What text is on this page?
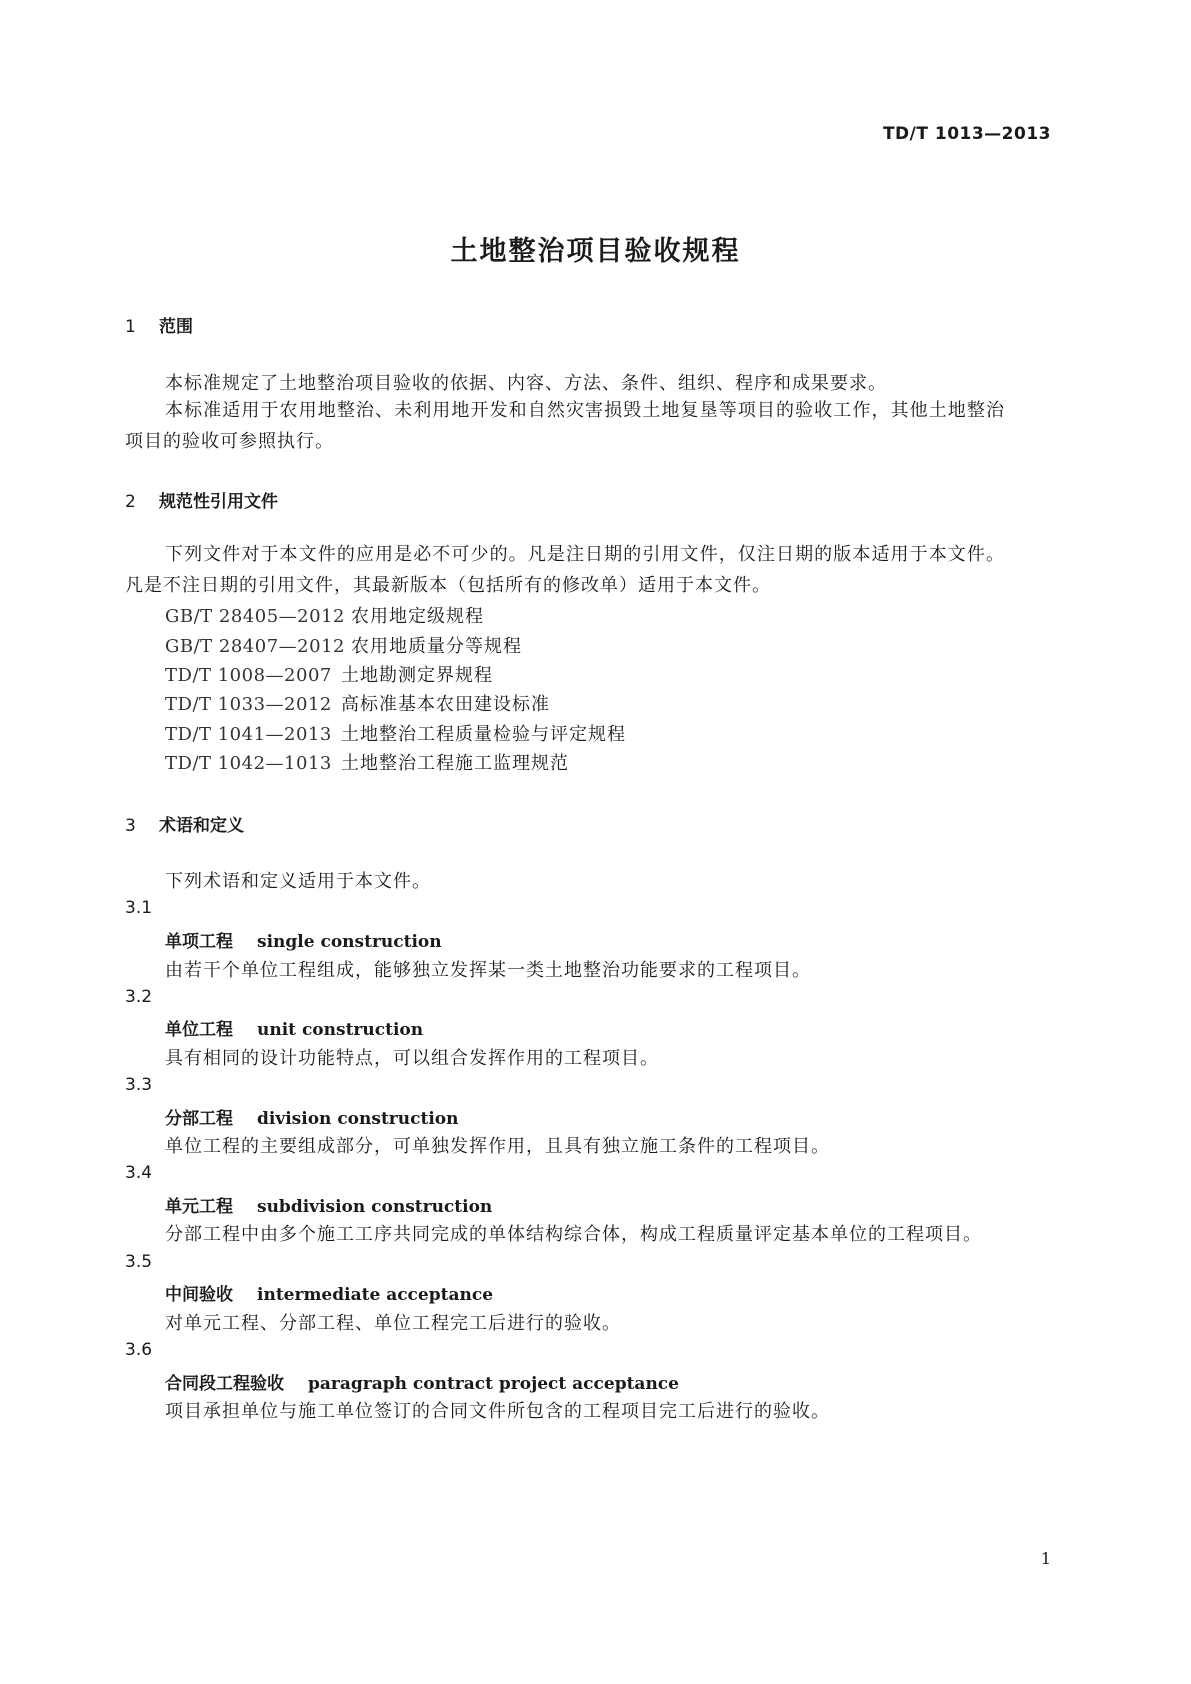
TD/T 1013—2013
土地整治项目验收规程
1 范围
本标准规定了土地整治项目验收的依据、内容、方法、条件、组织、程序和成果要求。
本标准适用于农用地整治、未利用地开发和自然灾害损毁土地复垦等项目的验收工作，其他土地整治项目的验收可参照执行。
2 规范性引用文件
下列文件对于本文件的应用是必不可少的。凡是注日期的引用文件，仅注日期的版本适用于本文件。凡是不注日期的引用文件，其最新版本（包括所有的修改单）适用于本文件。
GB/T 28405—2012 农用地定级规程
GB/T 28407—2012 农用地质量分等规程
TD/T 1008—2007 土地勘测定界规程
TD/T 1033—2012 高标准基本农田建设标准
TD/T 1041—2013 土地整治工程质量检验与评定规程
TD/T 1042—1013 土地整治工程施工监理规范
3 术语和定义
下列术语和定义适用于本文件。
3.1
单项工程 single construction
由若干个单位工程组成，能够独立发挥某一类土地整治功能要求的工程项目。
3.2
单位工程 unit construction
具有相同的设计功能特点，可以组合发挥作用的工程项目。
3.3
分部工程 division construction
单位工程的主要组成部分，可单独发挥作用，且具有独立施工条件的工程项目。
3.4
单元工程 subdivision construction
分部工程中由多个施工工序共同完成的单体结构综合体，构成工程质量评定基本单位的工程项目。
3.5
中间验收 intermediate acceptance
对单元工程、分部工程、单位工程完工后进行的验收。
3.6
合同段工程验收 paragraph contract project acceptance
项目承担单位与施工单位签订的合同文件所包含的工程项目完工后进行的验收。
1
